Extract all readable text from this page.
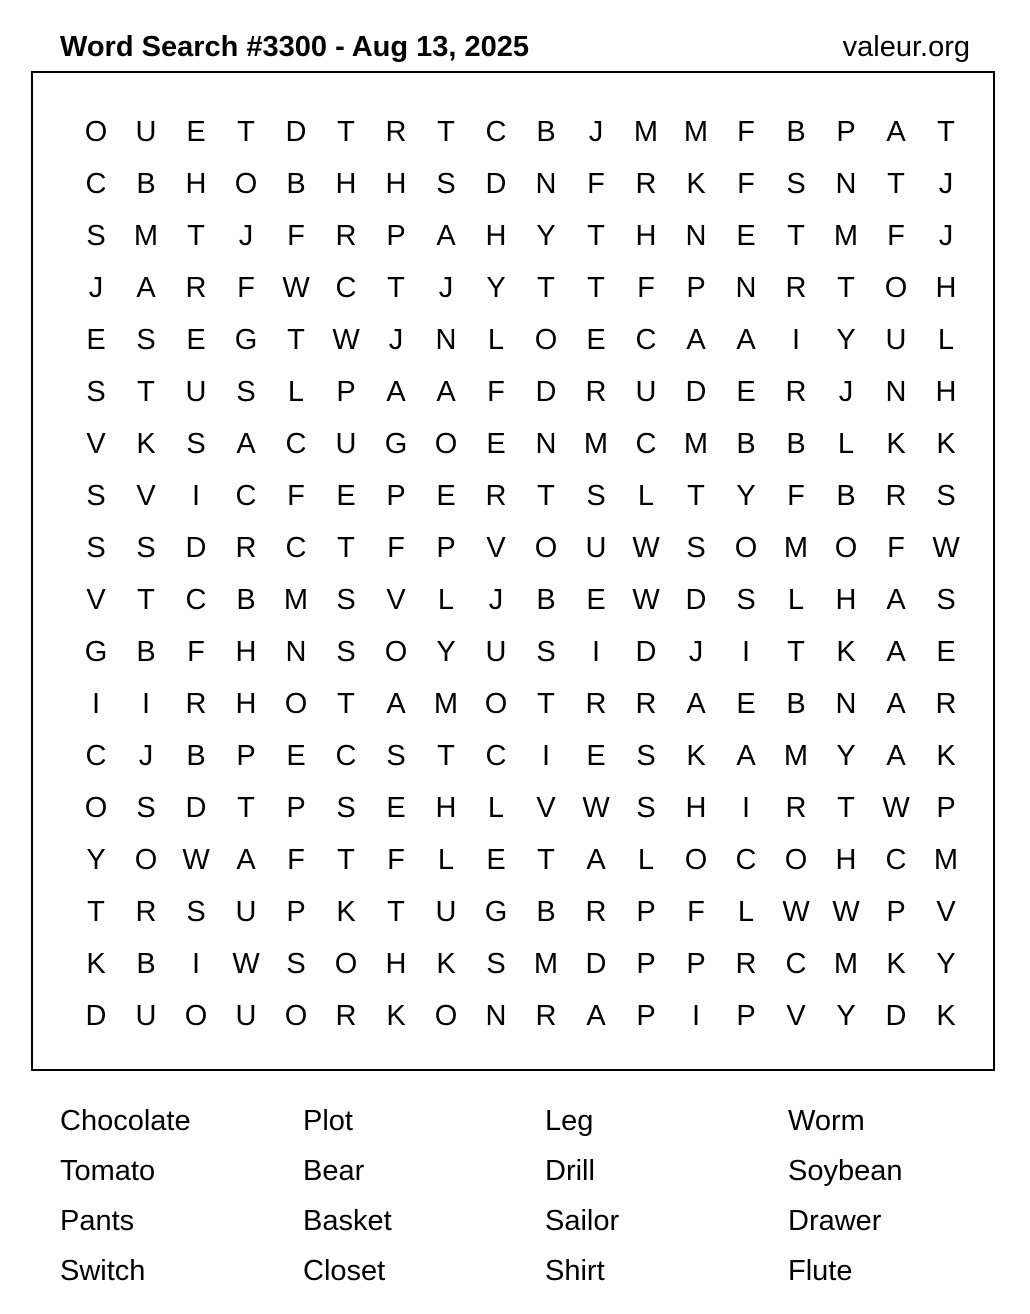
Word Search #3300 - Aug 13, 2025	valeur.org
O U	E	T	D	T	R	T	C	B	J	M M	F	B	P	A	T
C	B	H O	B	H	H	S	D	N	F	R	K	F	S	N	T	J
S M	T	J	F	R	P	A	H	Y	T	H	N	E	T	M	F	J
J	A	R	F W C	T	J	Y	T	T	F	P	N	R	T	O H
E	S	E	G	T W	J	N	L	O	E	C	A	A	I	Y	U	L
S	T	U	S	L	P	A	A	F	D	R	U	D	E	R	J	N	H
V	K	S	A	C	U G O	E	N M C M B	B	L	K	K
S	V	I	C	F	E	P	E	R	T	S	L	T	Y	F	B	R	S
S	S	D	R	C	T	F	P	V	O U W S	O M O	F W
V	T	C	B M S	V	L	J	B	E W D	S	L	H	A	S
G	B	F	H	N	S	O	Y	U	S	I	D	J	I	T	K	A	E
I	I	R	H O	T	A M O	T	R	R	A	E	B	N	A	R
C	J	B	P	E	C	S	T	C	I	E	S	K	A M Y	A	K
O	S	D	T	P	S	E	H	L	V W S	H	I	R	T W P
Y	O W A	F	T	F	L	E	T	A	L	O C O H	C M
T	R	S	U	P	K	T	U G	B	R	P	F	L W W P	V
K	B	I	W S	O H	K	S M D	P	P	R	C M K	Y
D	U O U O R	K	O N	R	A	P	I	P	V	Y	D	K
Chocolate	Plot	Leg	Worm
Tomato	Bear	Drill	Soybean
Pants	Basket	Sailor	Drawer
Switch	Closet	Shirt	Flute
